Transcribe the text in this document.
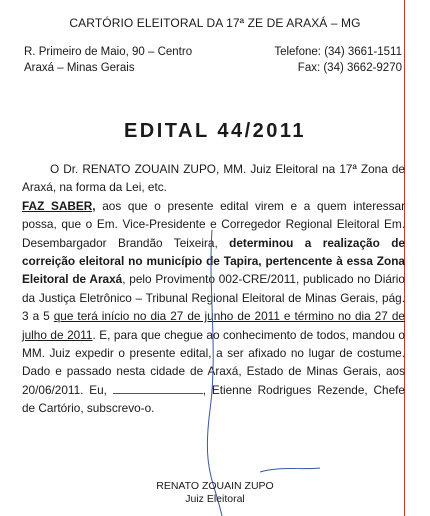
CARTÓRIO ELEITORAL DA 17ª ZE DE ARAXÁ – MG
R. Primeiro de Maio, 90 – Centro
Araxá – Minas Gerais
Telefone: (34) 3661-1511
Fax: (34) 3662-9270
EDITAL 44/2011

O Dr. RENATO ZOUAIN ZUPO, MM. Juiz Eleitoral na 17ª Zona de Araxá, na forma da Lei, etc.

FAZ SABER, aos que o presente edital virem e a quem interessar possa, que o Em. Vice-Presidente e Corregedor Regional Eleitoral Em. Desembargador Brandão Teixeira, determinou a realização de correição eleitoral no município de Tapira, pertencente à essa Zona Eleitoral de Araxá, pelo Provimento 002-CRE/2011, publicado no Diário da Justiça Eletrônico – Tribunal Regional Eleitoral de Minas Gerais, pág. 3 a 5 que terá início no dia 27 de junho de 2011 e término no dia 27 de julho de 2011. E, para que chegue ao conhecimento de todos, mandou o MM. Juiz expedir o presente edital, a ser afixado no lugar de costume. Dado e passado nesta cidade de Araxá, Estado de Minas Gerais, aos 20/06/2011. Eu,	, Etienne Rodrigues Rezende, Chefe de Cartório, subscrevo-o.

RENATO ZOUAIN ZUPO
Juiz Eleitoral
